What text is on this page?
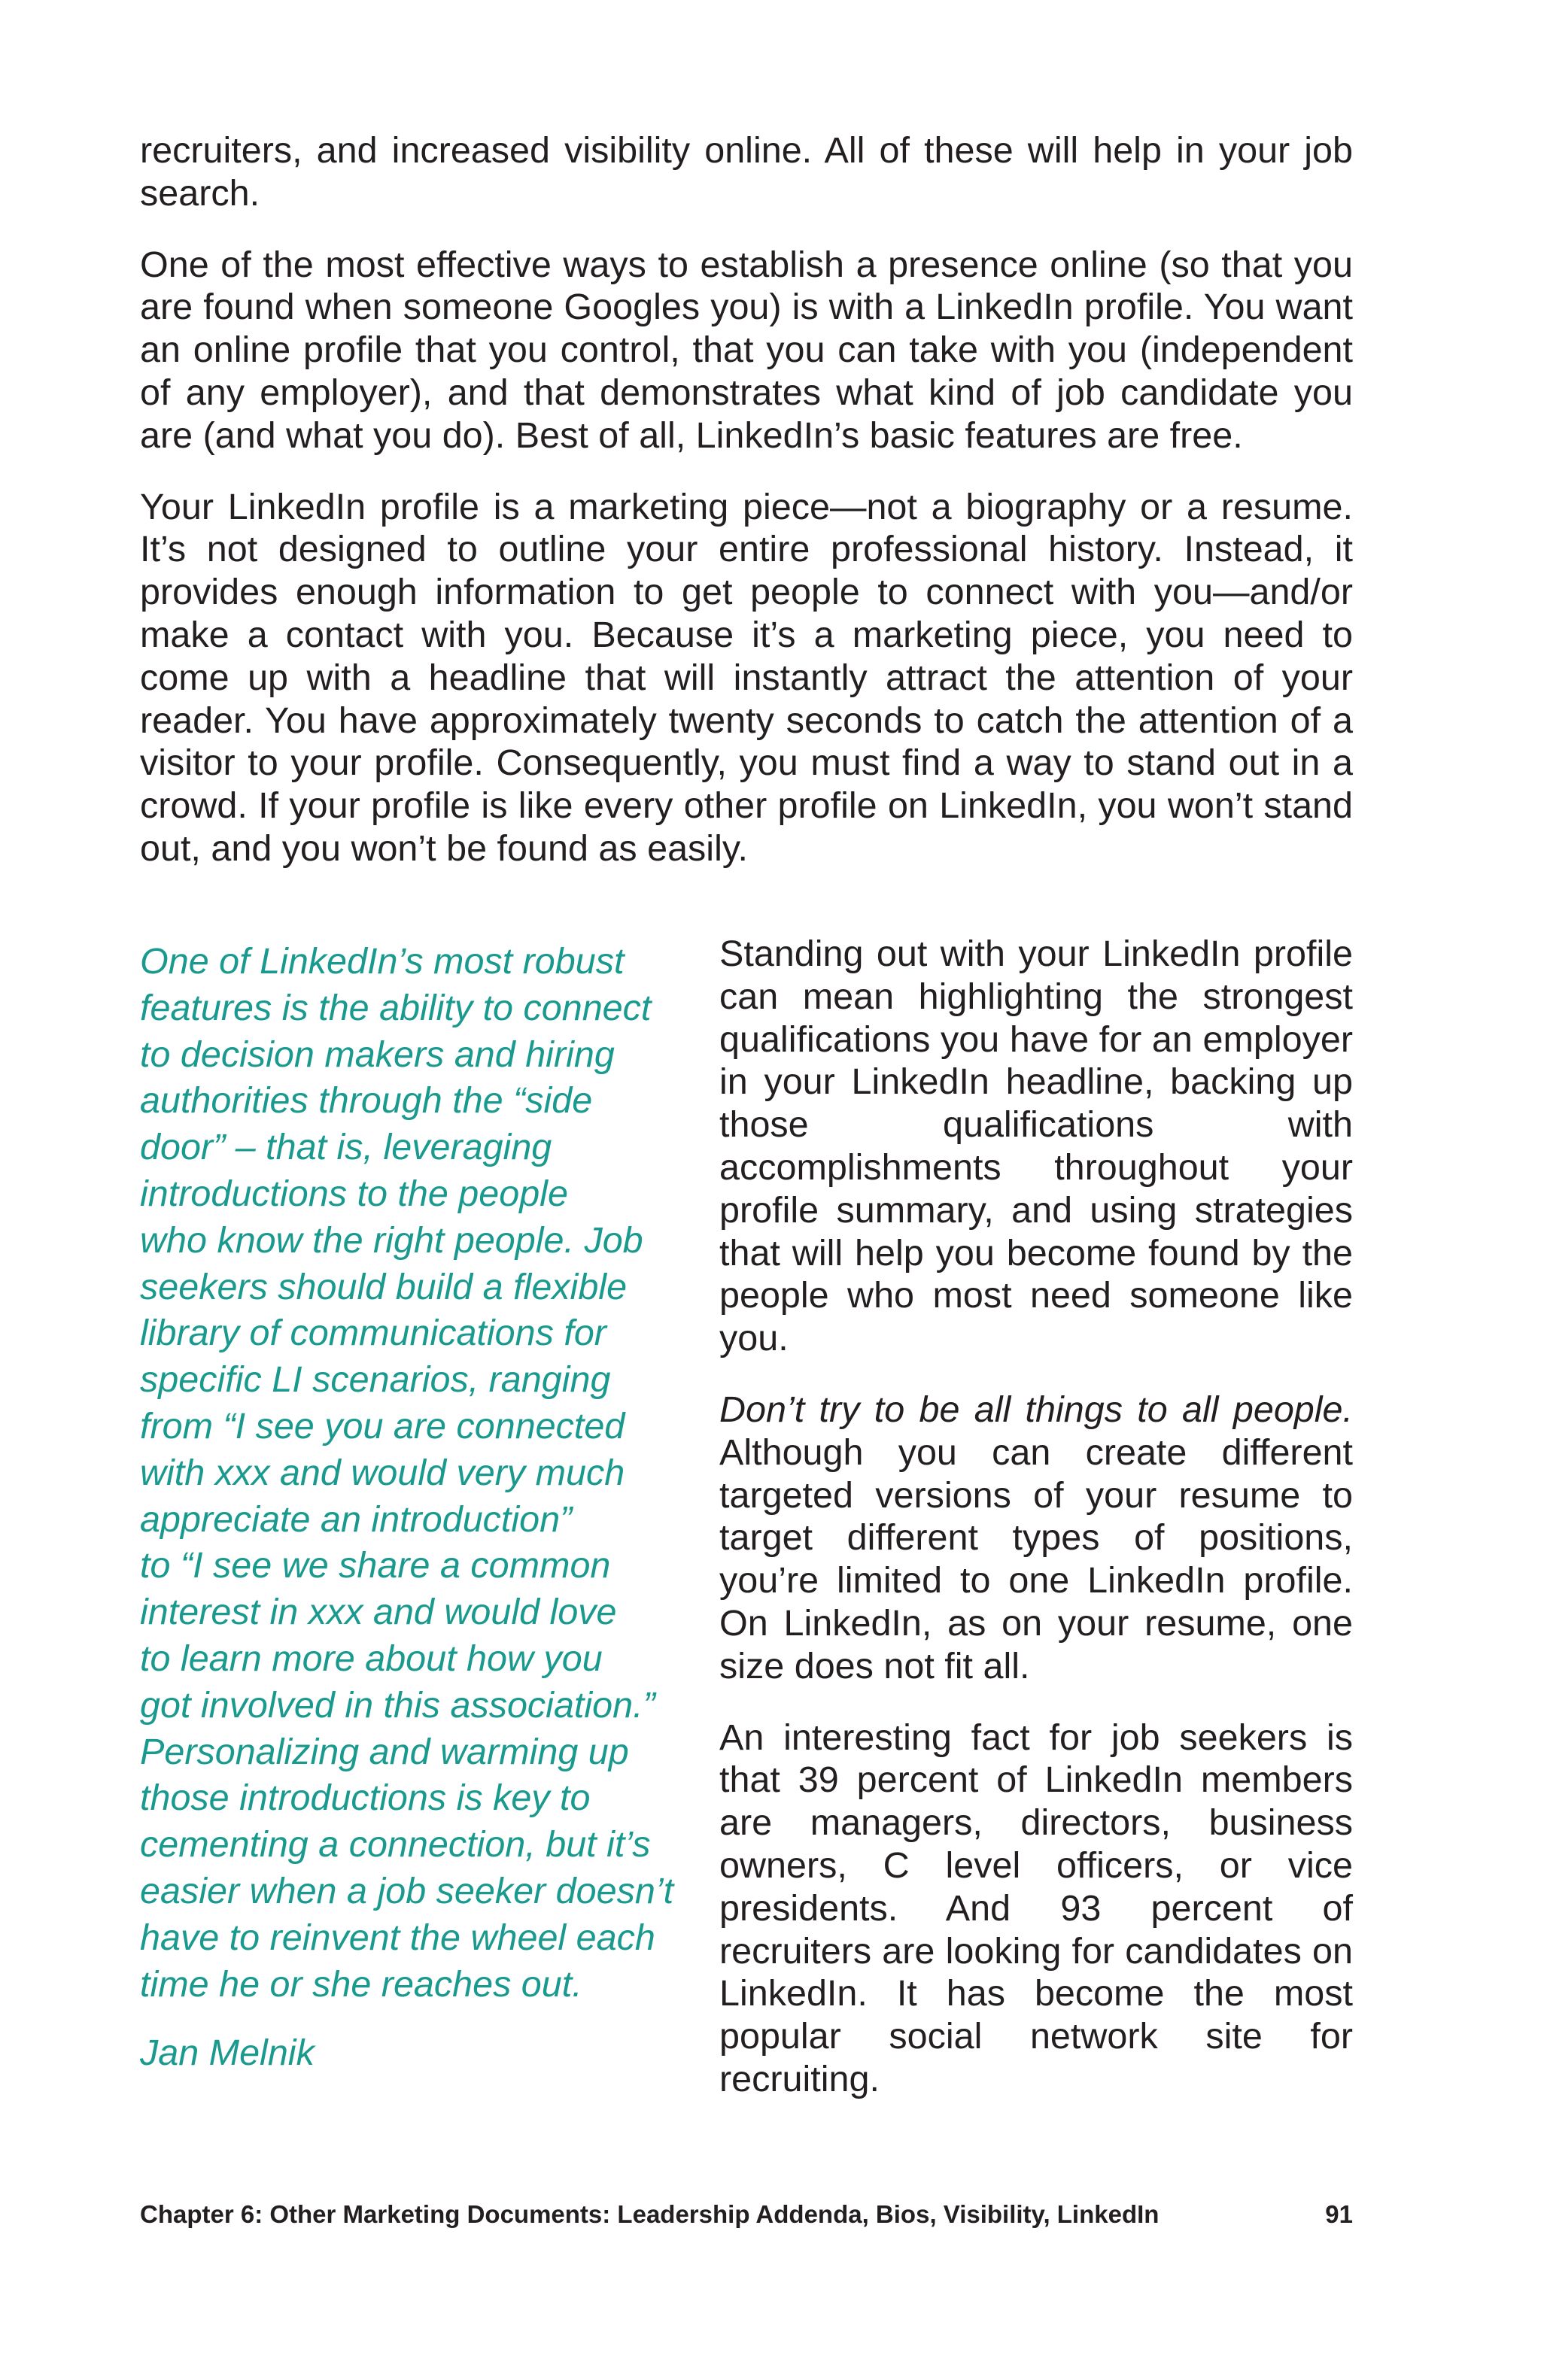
recruiters, and increased visibility online. All of these will help in your job search.

One of the most effective ways to establish a presence online (so that you are found when someone Googles you) is with a LinkedIn profile. You want an online profile that you control, that you can take with you (independent of any employer), and that demonstrates what kind of job candidate you are (and what you do). Best of all, LinkedIn’s basic features are free.

Your LinkedIn profile is a marketing piece—not a biography or a resume. It’s not designed to outline your entire professional history. Instead, it provides enough information to get people to connect with you—and/or make a contact with you. Because it’s a marketing piece, you need to come up with a headline that will instantly attract the attention of your reader. You have approximately twenty seconds to catch the attention of a visitor to your profile. Consequently, you must find a way to stand out in a crowd. If your profile is like every other profile on LinkedIn, you won’t stand out, and you won’t be found as easily.

One of LinkedIn’s most robust
features is the ability to connect
to decision makers and hiring
authorities through the “side
door” – that is, leveraging
introductions to the people
who know the right people. Job
seekers should build a flexible
library of communications for
specific LI scenarios, ranging
from “I see you are connected
with xxx and would very much
appreciate an introduction”
to “I see we share a common
interest in xxx and would love
to learn more about how you
got involved in this association.”
Personalizing and warming up
those introductions is key to
cementing a connection, but it’s
easier when a job seeker doesn’t
have to reinvent the wheel each
time he or she reaches out.

Jan Melnik

Standing out with your LinkedIn profile can mean highlighting the strongest qualifications you have for an employer in your LinkedIn headline, backing up those qualifications with accomplishments throughout your profile summary, and using strategies that will help you become found by the people who most need someone like you.

Don’t try to be all things to all people. Although you can create different targeted versions of your resume to target different types of positions, you’re limited to one LinkedIn profile. On LinkedIn, as on your resume, one size does not fit all.

An interesting fact for job seekers is that 39 percent of LinkedIn members are managers, directors, business owners, C level officers, or vice presidents. And 93 percent of recruiters are looking for candidates on LinkedIn. It has become the most popular social network site for recruiting.

Chapter 6: Other Marketing Documents: Leadership Addenda, Bios, Visibility, LinkedIn	91
